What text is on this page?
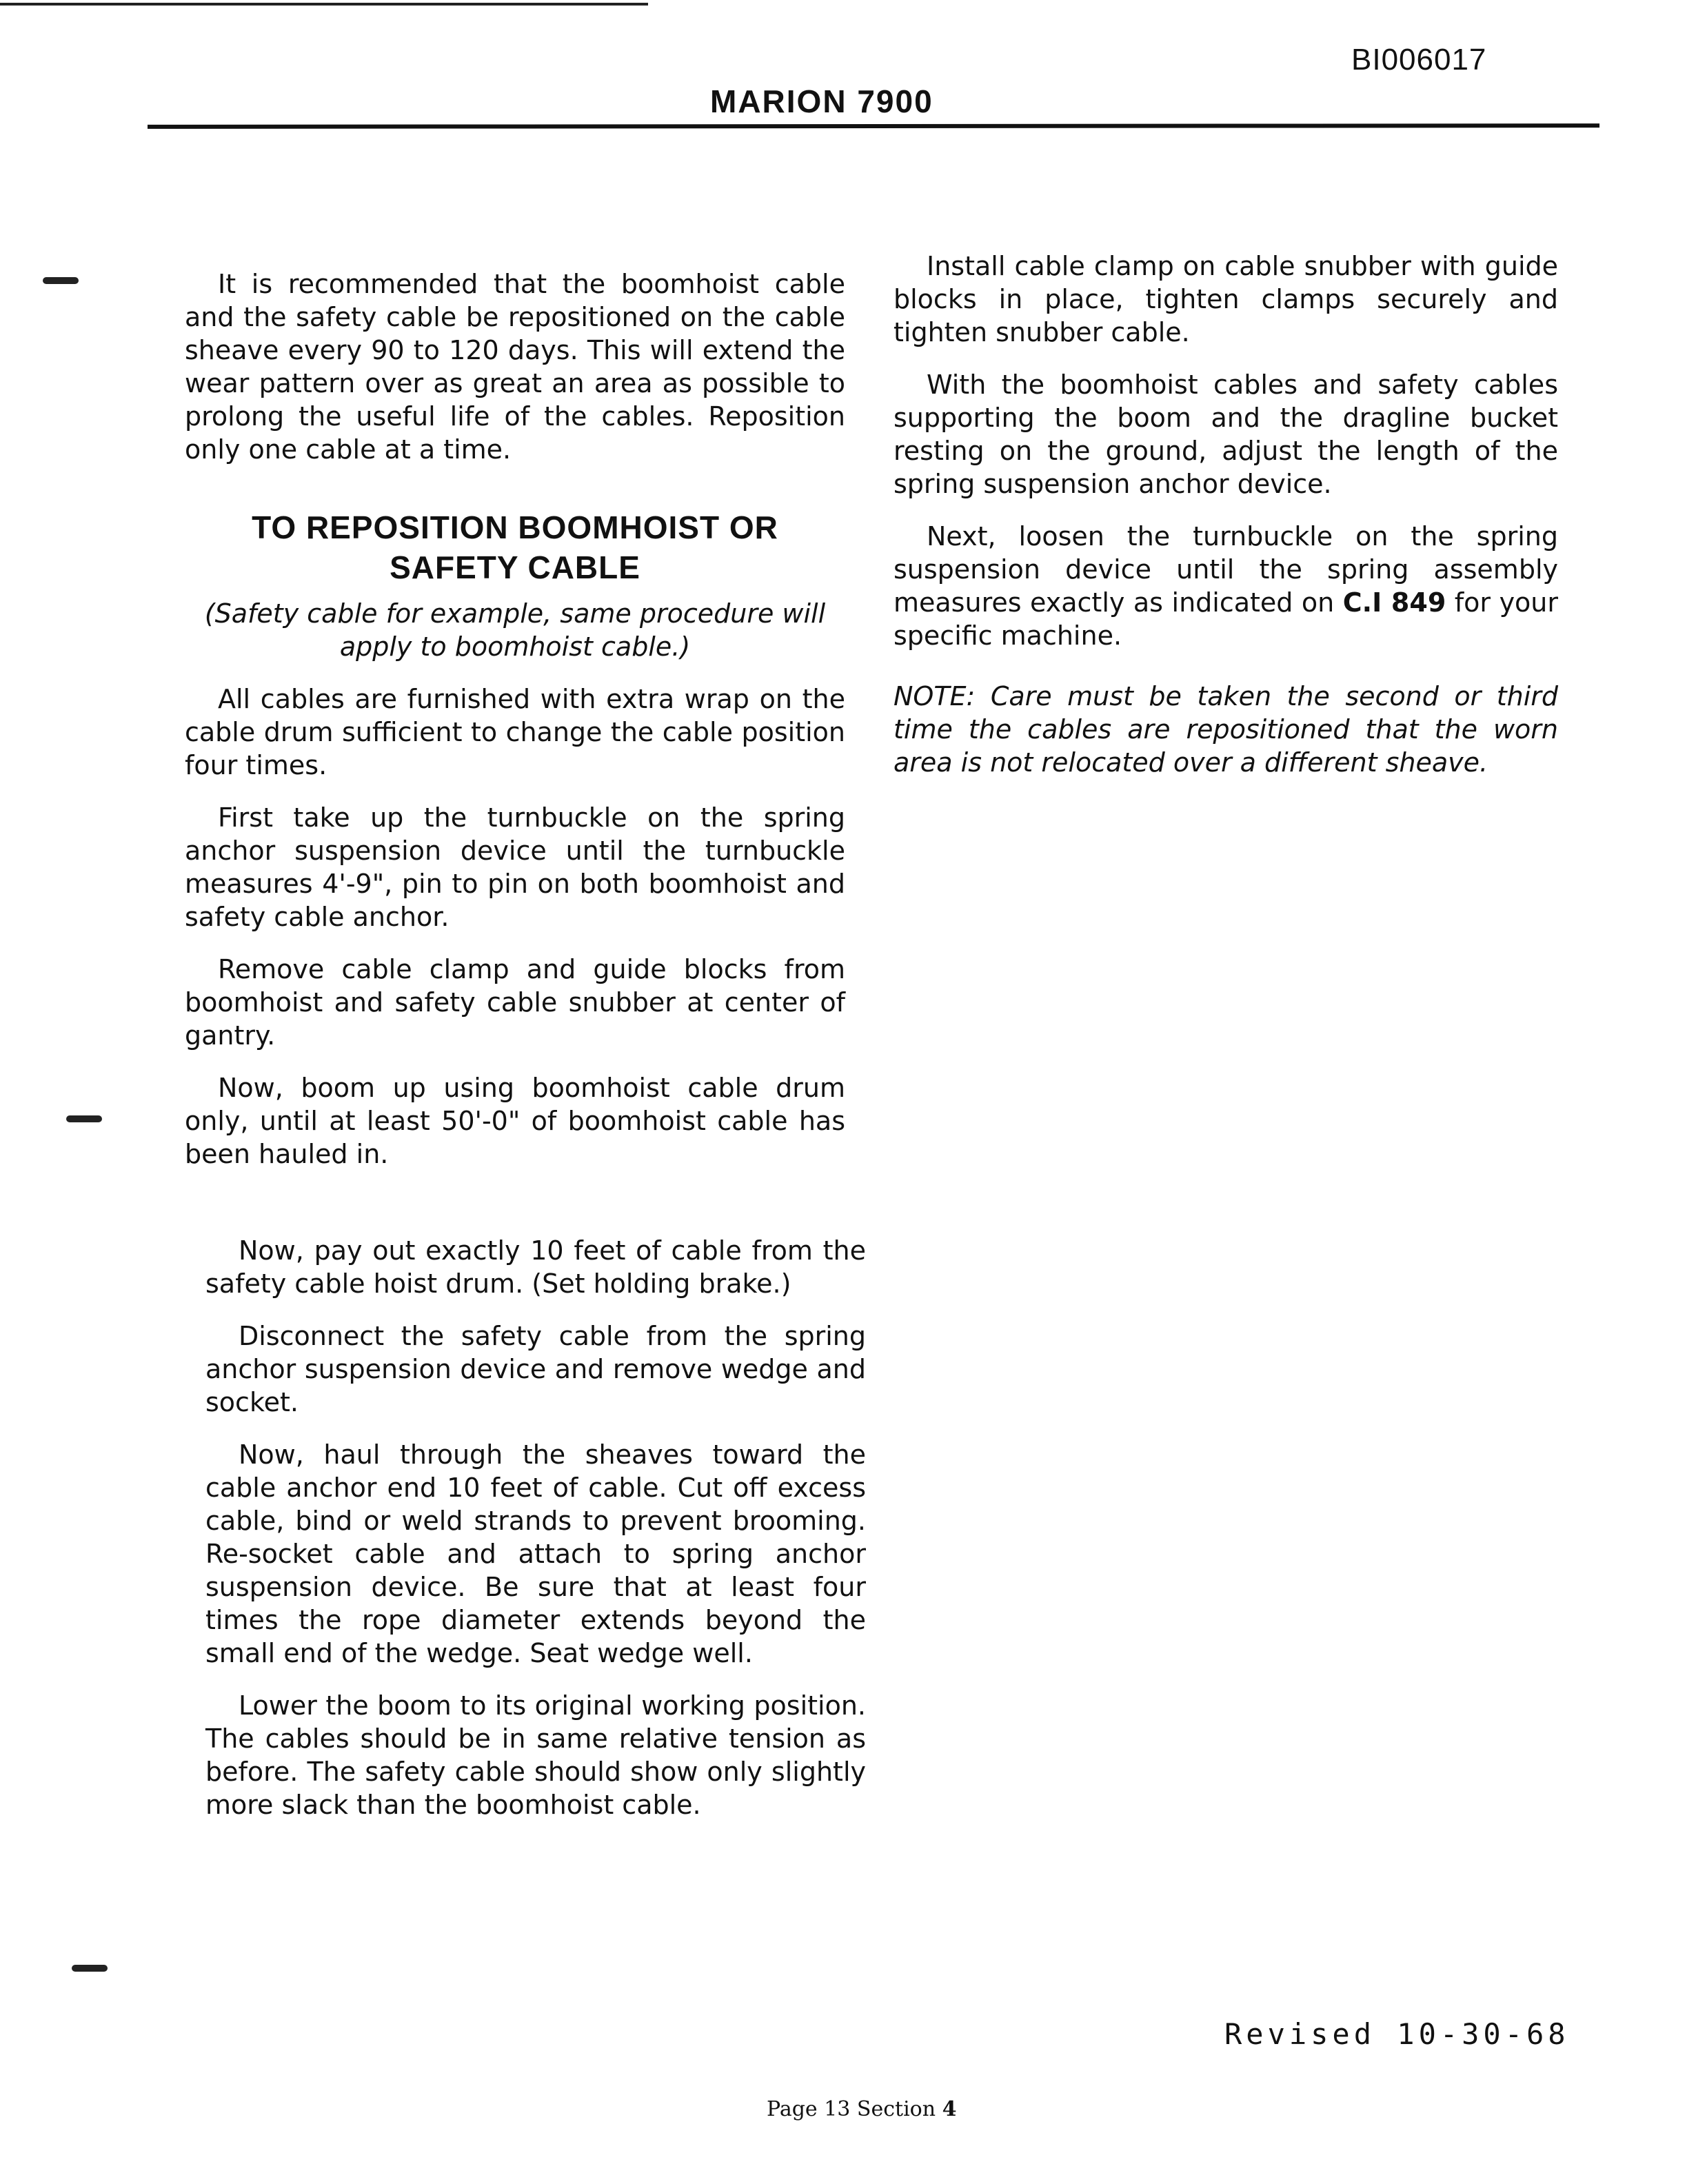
BI006017
MARION 7900

It is recommended that the boomhoist cable and the safety cable be repositioned on the cable sheave every 90 to 120 days. This will extend the wear pattern over as great an area as possible to prolong the useful life of the cables. Reposition only one cable at a time.

TO REPOSITION BOOMHOIST OR SAFETY CABLE

(Safety cable for example, same procedure will apply to boomhoist cable.)

All cables are furnished with extra wrap on the cable drum sufficient to change the cable position four times.

First take up the turnbuckle on the spring anchor suspension device until the turnbuckle measures 4'-9", pin to pin on both boomhoist and safety cable anchor.

Remove cable clamp and guide blocks from boomhoist and safety cable snubber at center of gantry.

Now, boom up using boomhoist cable drum only, until at least 50'-0" of boomhoist cable has been hauled in.

Now, pay out exactly 10 feet of cable from the safety cable hoist drum. (Set holding brake.)

Disconnect the safety cable from the spring anchor suspension device and remove wedge and socket.

Now, haul through the sheaves toward the cable anchor end 10 feet of cable. Cut off excess cable, bind or weld strands to prevent brooming. Re-socket cable and attach to spring anchor suspension device. Be sure that at least four times the rope diameter extends beyond the small end of the wedge. Seat wedge well.

Lower the boom to its original working position. The cables should be in same relative tension as before. The safety cable should show only slightly more slack than the boomhoist cable.

Install cable clamp on cable snubber with guide blocks in place, tighten clamps securely and tighten snubber cable.

With the boomhoist cables and safety cables supporting the boom and the dragline bucket resting on the ground, adjust the length of the spring suspension anchor device.

Next, loosen the turnbuckle on the spring suspension device until the spring assembly measures exactly as indicated on C.I 849 for your specific machine.

NOTE: Care must be taken the second or third time the cables are repositioned that the worn area is not relocated over a different sheave.

Revised 10-30-68
Page 13 Section 4
